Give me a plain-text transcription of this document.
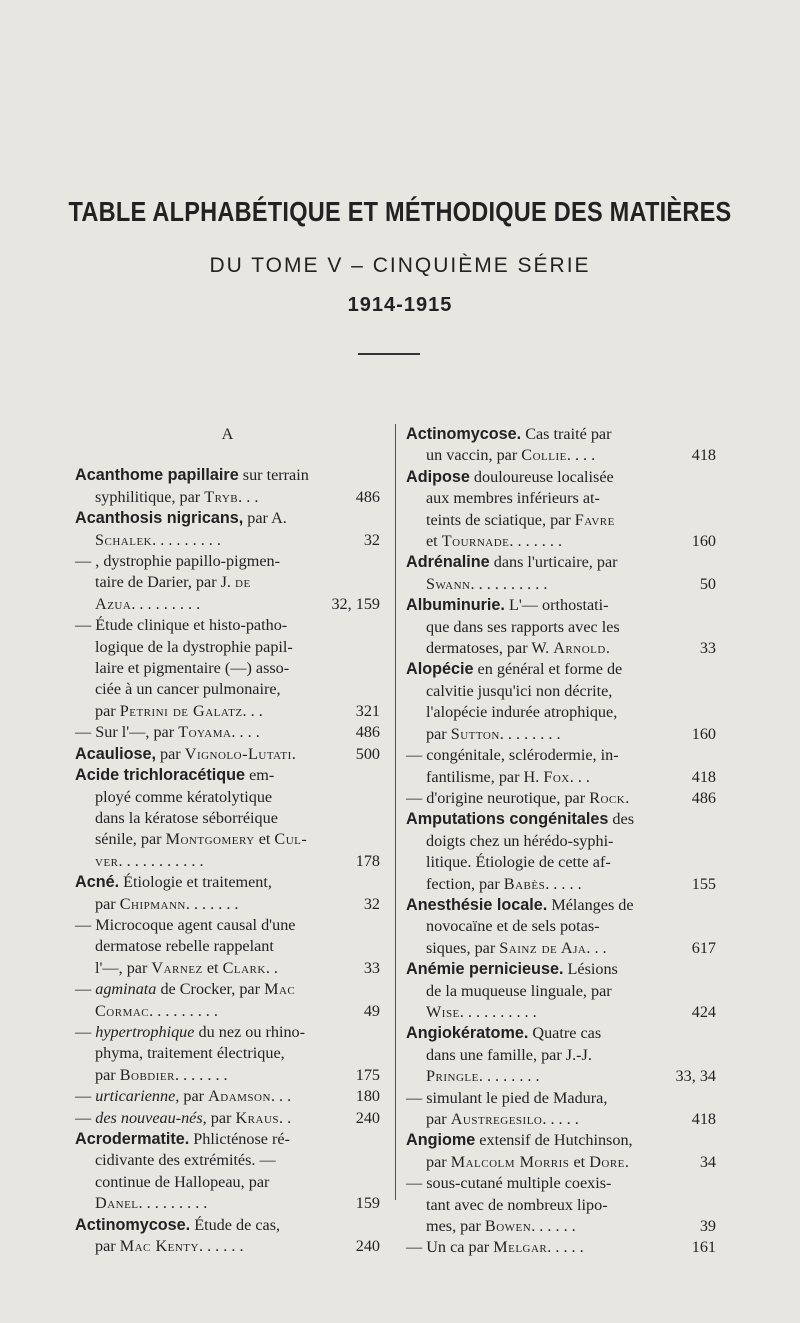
TABLE ALPHABÉTIQUE ET MÉTHODIQUE DES MATIÈRES
DU TOME V – CINQUIÈME SÉRIE
1914-1915
A
Acanthome papillaire sur terrain
syphilitique, par Tryb. . .	486
Acanthosis nigricans, par A.
Schalek. . . . . . . . .	32
— , dystrophie papillo-pigmen-
taire de Darier, par J. de
Azua. . . . . . . . .	32, 159
— Étude clinique et histo-patho-
logique de la dystrophie papil-
laire et pigmentaire (—) asso-
ciée à un cancer pulmonaire,
par Petrini de Galatz. . .	321
— Sur l'—, par Toyama. . . .	486
Acauliose, par Vignolo-Lutati.	500
Acide trichloracétique em-
ployé comme kératolytique
dans la kératose séborréique
sénile, par Montgomery et Cul-
ver. . . . . . . . . . .	178
Acné. Étiologie et traitement,
par Chipmann. . . . . . .	32
— Microcoque agent causal d'une
dermatose rebelle rappelant
l'—, par Varnez et Clark. .	33
— agminata de Crocker, par Mac
Cormac. . . . . . . . .	49
— hypertrophique du nez ou rhino-
phyma, traitement électrique,
par Bobdier. . . . . . .	175
— urticarienne, par Adamson. . .	180
— des nouveau-nés, par Kraus. .	240
Acrodermatite. Phlicténose ré-
cidivante des extrémités. —
continue de Hallopeau, par
Danel. . . . . . . . .	159
Actinomycose. Étude de cas,
par Mac Kenty. . . . . .	240
Actinomycose. Cas traité par
un vaccin, par Collie. . . .	418
Adipose douloureuse localisée
aux membres inférieurs at-
teints de sciatique, par Favre
et Tournade. . . . . . .	160
Adrénaline dans l'urticaire, par
Swann. . . . . . . . . .	50
Albuminurie. L'— orthostati-
que dans ses rapports avec les
dermatoses, par W. Arnold.	33
Alopécie en général et forme de
calvitie jusqu'ici non décrite,
l'alopécie indurée atrophique,
par Sutton. . . . . . . .	160
— congénitale, sclérodermie, in-
fantilisme, par H. Fox. . .	418
— d'origine neurotique, par Rock.	486
Amputations congénitales des
doigts chez un hérédo-syphi-
litique. Étiologie de cette af-
fection, par Babès. . . . .	155
Anesthésie locale. Mélanges de
novocaïne et de sels potas-
siques, par Sainz de Aja. . .	617
Anémie pernicieuse. Lésions
de la muqueuse linguale, par
Wise. . . . . . . . . .	424
Angiokératome. Quatre cas
dans une famille, par J.-J.
Pringle. . . . . . . .	33, 34
— simulant le pied de Madura,
par Austregesilo. . . . .	418
Angiome extensif de Hutchinson,
par Malcolm Morris et Dore.	34
— sous-cutané multiple coexis-
tant avec de nombreux lipo-
mes, par Bowen. . . . . .	39
— Un ca par Melgar. . . . .	161
